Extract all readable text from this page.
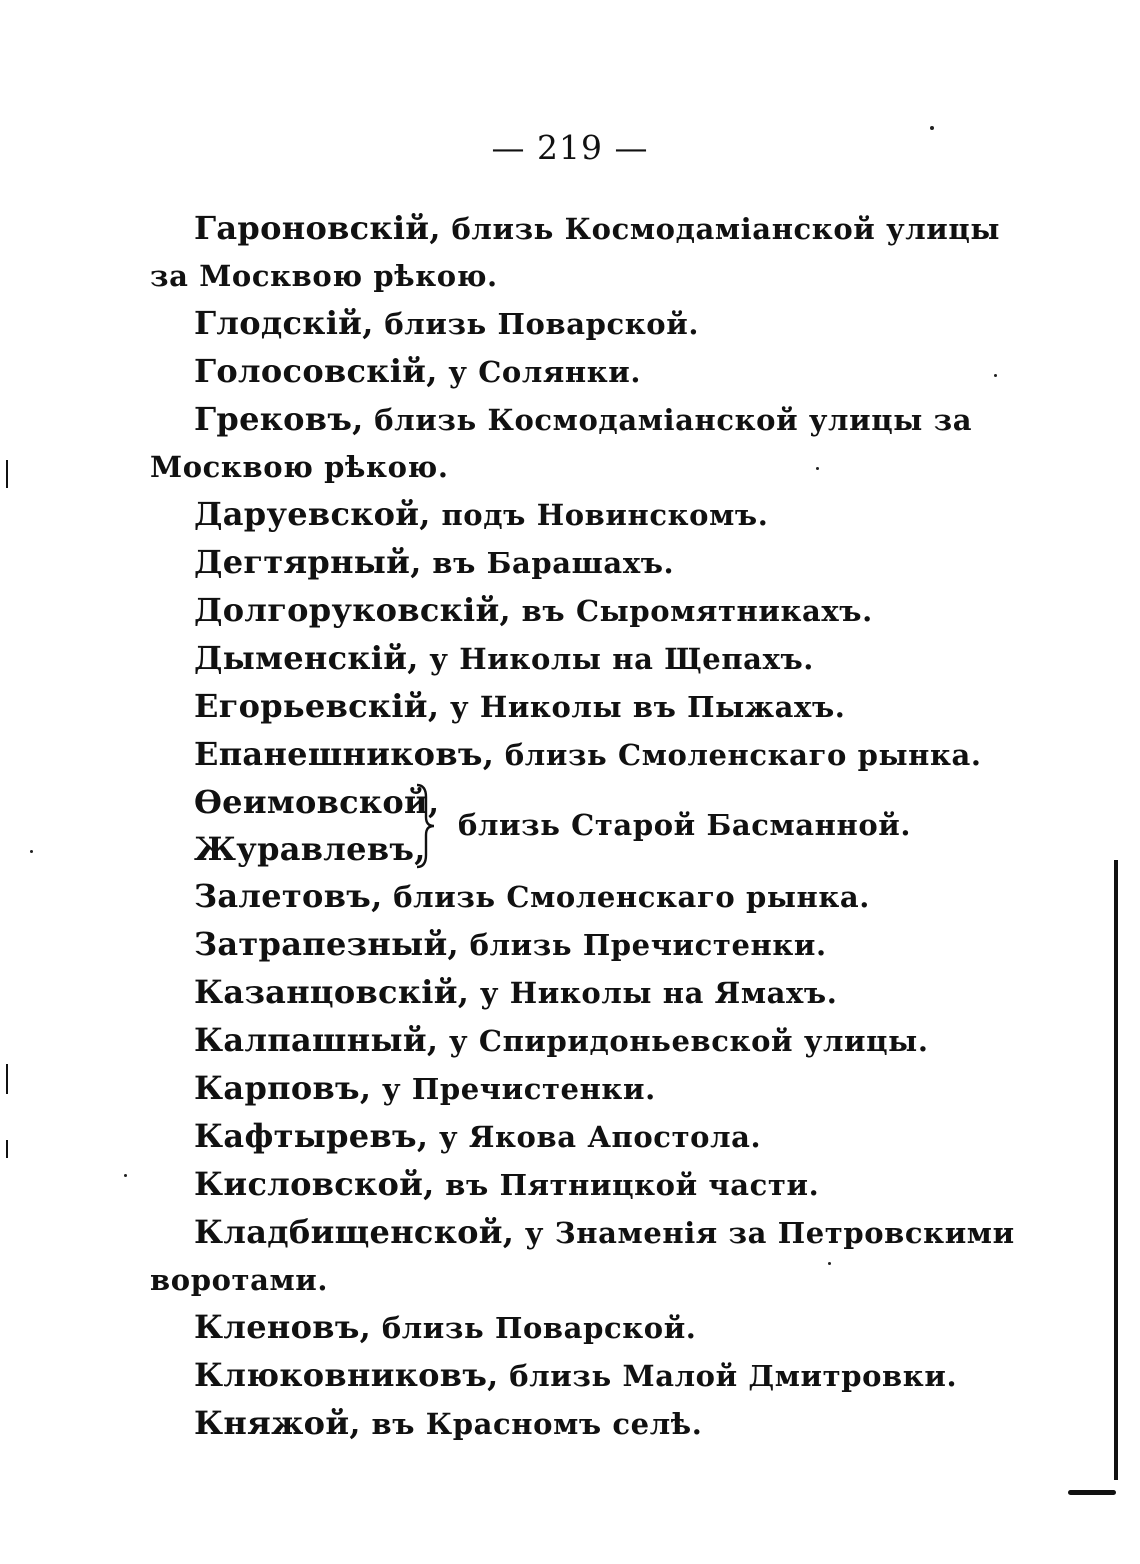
— 219 —

Гароновскій, близь Космодаміанской улицы за Москвою рѣкою.

Глодскій, близь Поварской.

Голосовскій, у Солянки.

Грековъ, близь Космодаміанской улицы за Москвою рѣкою.

Даруевской, подъ Новинскомъ.

Дегтярный, въ Барашахъ.

Долгоруковскій, въ Сыромятникахъ.

Дыменскій, у Николы на Щепахъ.

Егорьевскій, у Николы въ Пыжахъ.

Епанешниковъ, близь Смоленскаго рынка.

Ѳеимовской,
Журавлевъ,
близь Старой Басманной.

Залетовъ, близь Смоленскаго рынка.

Затрапезный, близь Пречистенки.

Казанцовскій, у Николы на Ямахъ.

Калпашный, у Спиридоньевской улицы.

Карповъ, у Пречистенки.

Кафтыревъ, у Якова Апостола.

Кисловской, въ Пятницкой части.

Кладбищенской, у Знаменія за Петровскими воротами.

Кленовъ, близь Поварской.

Клюковниковъ, близь Малой Дмитровки.

Княжой, въ Красномъ селѣ.
